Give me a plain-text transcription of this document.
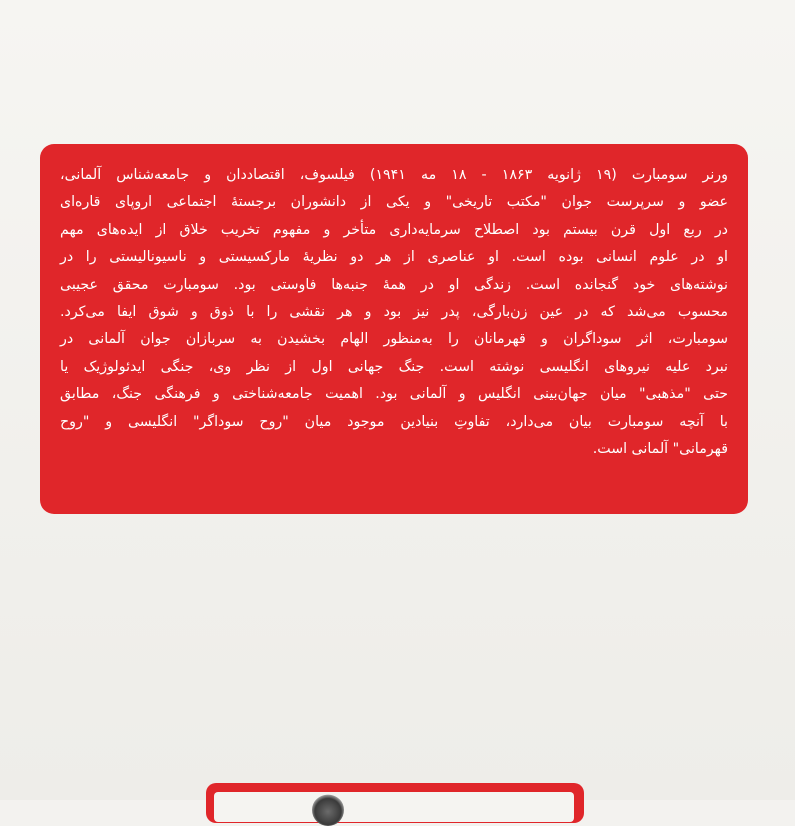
ورنر سومبارت (۱۹ ژانویه ۱۸۶۳ - ۱۸ مه ۱۹۴۱) فیلسوف، اقتصاددان و جامعه‌شناس آلمانی،
عضو و سرپرست جوان "مکتب تاریخی" و یکی از دانشوران برجستهٔ اجتماعی اروپای قاره‌ای
در ربع اول قرن بیستم بود اصطلاح سرمایه‌داری متأخر و مفهوم تخریب خلاق از ایده‌های مهم
او در علوم انسانی بوده است. او عناصری از هر دو نظریهٔ مارکسیستی و ناسیونالیستی را در
نوشته‌های خود گنجانده است. زندگی او در همهٔ جنبه‌ها فاوستی بود. سومبارت محقق عجیبی
محسوب می‌شد که در عین زن‌بارگی، پدر نیز بود و هر نقشی را با ذوق و شوق ایفا می‌کرد.
سومبارت، اثر سوداگران و قهرمانان را به‌منظور الهام بخشیدن به سربازان جوان آلمانی در
نبرد علیه نیروهای انگلیسی نوشته است. جنگ جهانی اول از نظر وی، جنگی ایدئولوژیک یا
حتی "مذهبی" میان جهان‌بینی انگلیس و آلمانی بود. اهمیت جامعه‌شناختی و فرهنگی جنگ، مطابق
با آنچه سومبارت بیان می‌دارد، تفاوتِ بنیادین موجود میان "روح سوداگر" انگلیسی و "روح
قهرمانی" آلمانی است.
